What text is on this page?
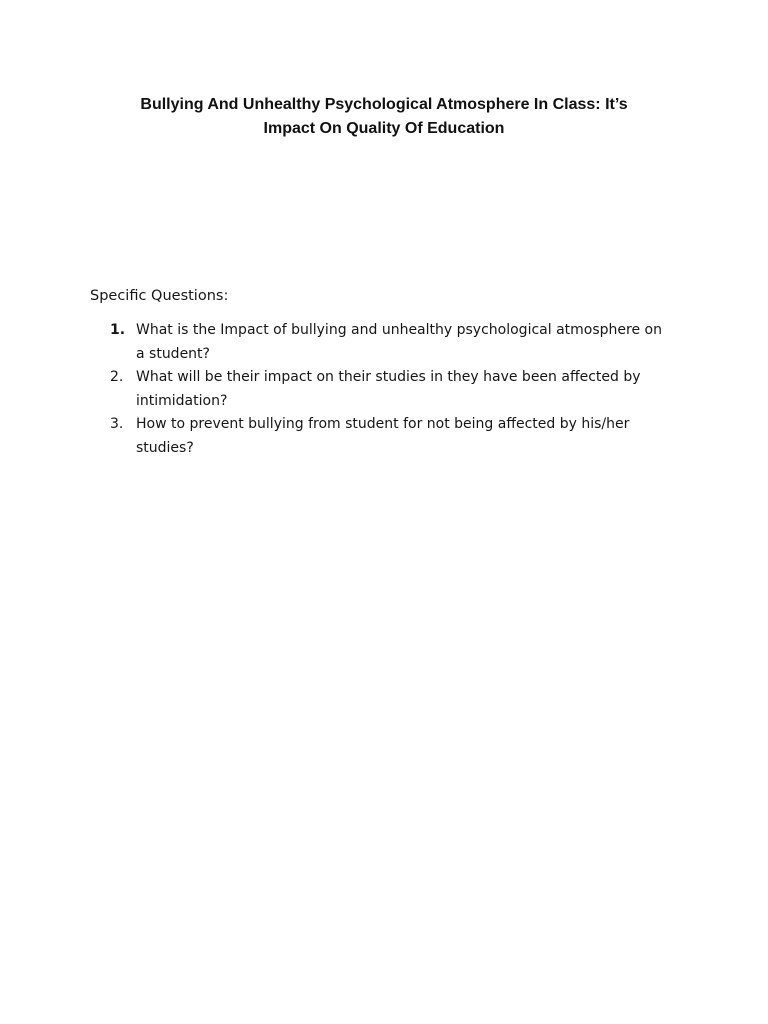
Bullying And Unhealthy Psychological Atmosphere In Class: It’s
Impact On Quality Of Education
Specific Questions:
1. What is the Impact of bullying and unhealthy psychological atmosphere on a student?
2. What will be their impact on their studies in they have been affected by intimidation?
3. How to prevent bullying from student for not being affected by his/her studies?
